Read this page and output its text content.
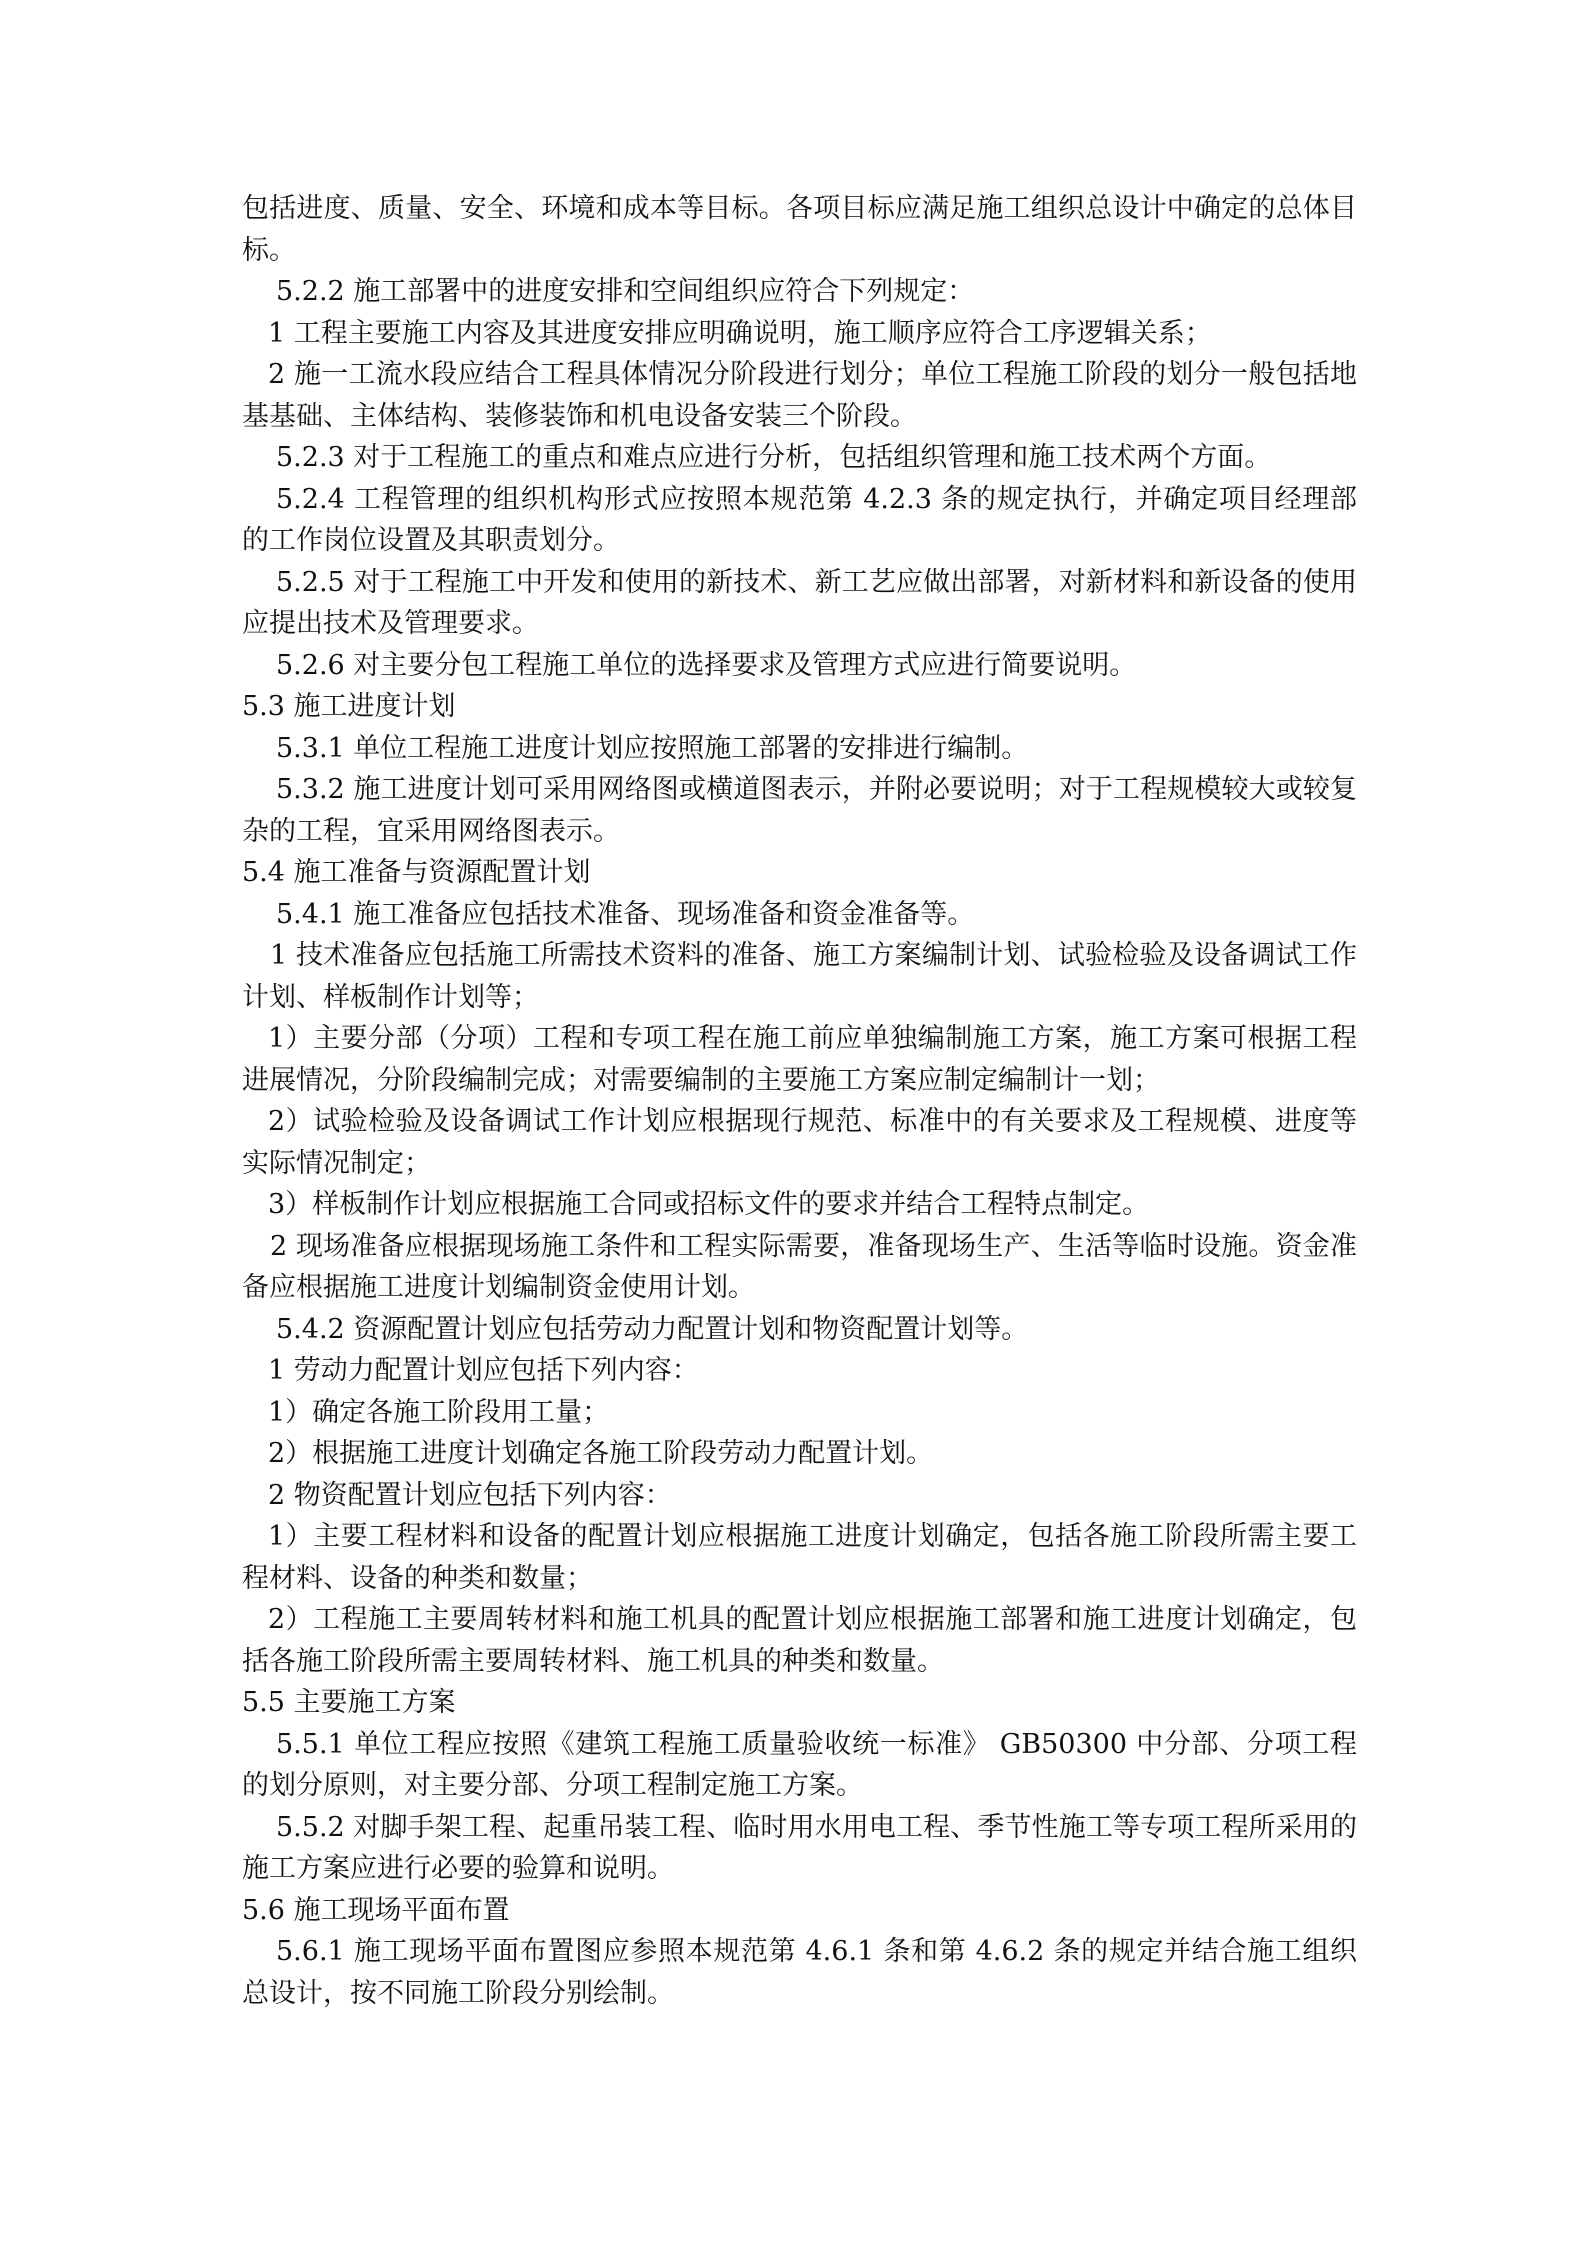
包括进度、质量、安全、环境和成本等目标。各项目标应满足施工组织总设计中确定的总体目标。

5.2.2 施工部署中的进度安排和空间组织应符合下列规定：

1 工程主要施工内容及其进度安排应明确说明，施工顺序应符合工序逻辑关系；

2 施一工流水段应结合工程具体情况分阶段进行划分；单位工程施工阶段的划分一般包括地基基础、主体结构、装修装饰和机电设备安装三个阶段。

5.2.3 对于工程施工的重点和难点应进行分析，包括组织管理和施工技术两个方面。

5.2.4 工程管理的组织机构形式应按照本规范第 4.2.3 条的规定执行，并确定项目经理部的工作岗位设置及其职责划分。

5.2.5 对于工程施工中开发和使用的新技术、新工艺应做出部署，对新材料和新设备的使用应提出技术及管理要求。

5.2.6 对主要分包工程施工单位的选择要求及管理方式应进行简要说明。

5.3 施工进度计划

5.3.1 单位工程施工进度计划应按照施工部署的安排进行编制。

5.3.2 施工进度计划可采用网络图或横道图表示，并附必要说明；对于工程规模较大或较复杂的工程，宜采用网络图表示。

5.4 施工准备与资源配置计划

5.4.1 施工准备应包括技术准备、现场准备和资金准备等。

1 技术准备应包括施工所需技术资料的准备、施工方案编制计划、试验检验及设备调试工作计划、样板制作计划等；

1）主要分部（分项）工程和专项工程在施工前应单独编制施工方案，施工方案可根据工程进展情况，分阶段编制完成；对需要编制的主要施工方案应制定编制计一划；

2）试验检验及设备调试工作计划应根据现行规范、标准中的有关要求及工程规模、进度等实际情况制定；

3）样板制作计划应根据施工合同或招标文件的要求并结合工程特点制定。

2 现场准备应根据现场施工条件和工程实际需要，准备现场生产、生活等临时设施。资金准备应根据施工进度计划编制资金使用计划。

5.4.2 资源配置计划应包括劳动力配置计划和物资配置计划等。

1 劳动力配置计划应包括下列内容：

1）确定各施工阶段用工量；

2）根据施工进度计划确定各施工阶段劳动力配置计划。

2 物资配置计划应包括下列内容：

1）主要工程材料和设备的配置计划应根据施工进度计划确定，包括各施工阶段所需主要工程材料、设备的种类和数量；

2）工程施工主要周转材料和施工机具的配置计划应根据施工部署和施工进度计划确定，包括各施工阶段所需主要周转材料、施工机具的种类和数量。

5.5 主要施工方案

5.5.1 单位工程应按照《建筑工程施工质量验收统一标准》 GB50300 中分部、分项工程的划分原则，对主要分部、分项工程制定施工方案。

5.5.2 对脚手架工程、起重吊装工程、临时用水用电工程、季节性施工等专项工程所采用的施工方案应进行必要的验算和说明。

5.6 施工现场平面布置

5.6.1 施工现场平面布置图应参照本规范第 4.6.1 条和第 4.6.2 条的规定并结合施工组织总设计，按不同施工阶段分别绘制。
